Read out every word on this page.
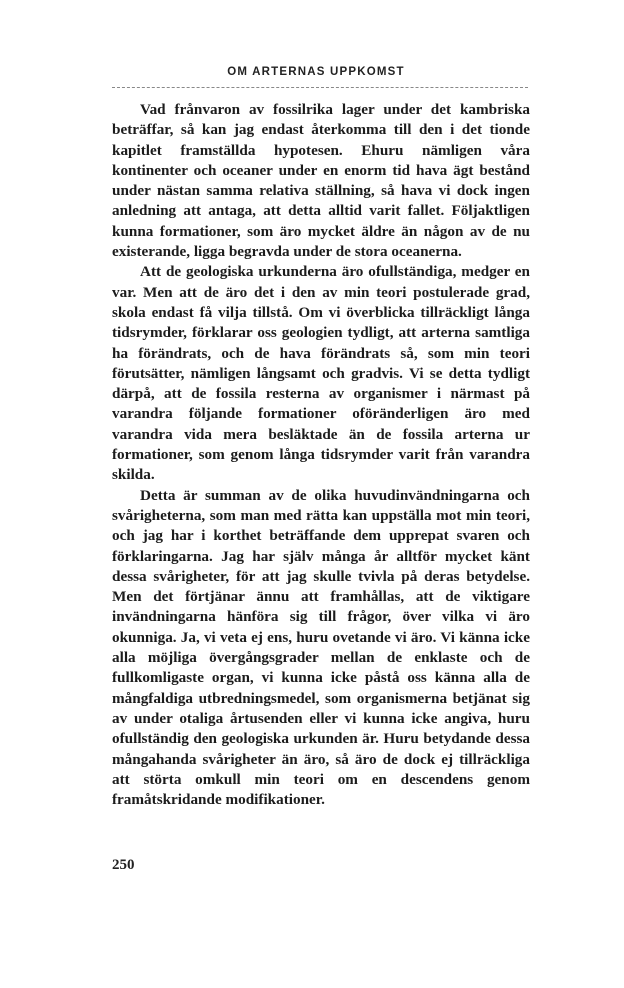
OM ARTERNAS UPPKOMST

Vad frånvaron av fossilrika lager under det kambriska beträffar, så kan jag endast återkomma till den i det tionde kapitlet framställda hypotesen. Ehuru nämligen våra kontinenter och oceaner under en enorm tid hava ägt bestånd under nästan samma relativa ställning, så hava vi dock ingen anledning att antaga, att detta alltid varit fallet. Följaktligen kunna formationer, som äro mycket äldre än någon av de nu existerande, ligga begravda under de stora oceanerna.

Att de geologiska urkunderna äro ofullständiga, medger en var. Men att de äro det i den av min teori postulerade grad, skola endast få vilja tillstå. Om vi överblicka tillräckligt långa tidsrymder, förklarar oss geologien tydligt, att arterna samtliga ha förändrats, och de hava förändrats så, som min teori förutsätter, nämligen långsamt och gradvis. Vi se detta tydligt därpå, att de fossila resterna av organismer i närmast på varandra följande formationer oföränderligen äro med varandra vida mera besläktade än de fossila arterna ur formationer, som genom långa tidsrymder varit från varandra skilda.

Detta är summan av de olika huvudinvändningarna och svårigheterna, som man med rätta kan uppställa mot min teori, och jag har i korthet beträffande dem upprepat svaren och förklaringarna. Jag har själv många år alltför mycket känt dessa svårigheter, för att jag skulle tvivla på deras betydelse. Men det förtjänar ännu att framhållas, att de viktigare invändningarna hänföra sig till frågor, över vilka vi äro okunniga. Ja, vi veta ej ens, huru ovetande vi äro. Vi känna icke alla möjliga övergångsgrader mellan de enklaste och de fullkomligaste organ, vi kunna icke påstå oss känna alla de mångfaldiga utbredningsmedel, som organismerna betjänat sig av under otaliga årtusenden eller vi kunna icke angiva, huru ofullständig den geologiska urkunden är. Huru betydande dessa mångahanda svårigheter än äro, så äro de dock ej tillräckliga att störta omkull min teori om en descendens genom framåtskridande modifikationer.

250
